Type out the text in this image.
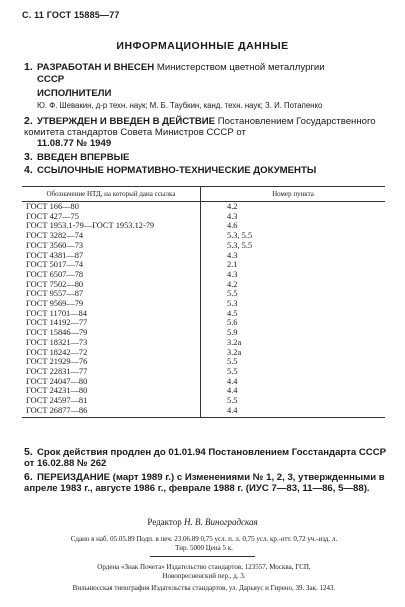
С. 11 ГОСТ 15885—77
ИНФОРМАЦИОННЫЕ ДАННЫЕ
1. РАЗРАБОТАН И ВНЕСЕН Министерством цветной металлургии
СССР
ИСПОЛНИТЕЛИ
Ю. Ф. Шевакин, д-р техн. наук; М. Б. Таубкин, канд. техн. наук; З. И. Потапенко
2. УТВЕРЖДЕН И ВВЕДЕН В ДЕЙСТВИЕ Постановлением Государственного комитета стандартов Совета Министров СССР от
11.08.77 № 1949
3. ВВЕДЕН ВПЕРВЫЕ
4. ССЫЛОЧНЫЕ НОРМАТИВНО-ТЕХНИЧЕСКИЕ ДОКУМЕНТЫ
Обозначение НТД, на который дана ссылка	Номер пункта
ГОСТ 166—80	4.2
ГОСТ 427—75	4.3
ГОСТ 1953.1-79—ГОСТ 1953.12-79	4.6
ГОСТ 3282—74	5.3, 5.5
ГОСТ 3560—73	5.3, 5.5
ГОСТ 4381—87	4.3
ГОСТ 5017—74	2.1
ГОСТ 6507—78	4.3
ГОСТ 7502—80	4.2
ГОСТ 9557—87	5.5
ГОСТ 9569—79	5.3
ГОСТ 11701—84	4.5
ГОСТ 14192—77	5.6
ГОСТ 15846—79	5.9
ГОСТ 18321—73	3.2a
ГОСТ 18242—72	3.2a
ГОСТ 21929—76	5.5
ГОСТ 22831—77	5.5
ГОСТ 24047—80	4.4
ГОСТ 24231—80	4.4
ГОСТ 24597—81	5.5
ГОСТ 26877—86	4.4
5. Срок действия продлен до 01.01.94 Постановлением Госстандарта СССР от 16.02.88 № 262
6. ПЕРЕИЗДАНИЕ (март 1989 г.) с Изменениями № 1, 2, 3, утвержденными в апреле 1983 г., августе 1986 г., феврале 1988 г. (ИУС 7—83, 11—86, 5—88).
Редактор Н. В. Виноградская
Сдано в наб. 05.05.89 Подп. в печ. 23.06.89 0,75 усл. п. л. 0,75 усл. кр.-отт. 0,72 уч.-изд. л.
Тир. 5000 Цена 5 к.
Ордена «Знак Почета» Издательство стандартов, 123557, Москва, ГСП,
Новопресненский пер., д. 3.
Вильнюсская типография Издательства стандартов, ул. Дарьяус и Гирено, 39. Зак. 1243.
